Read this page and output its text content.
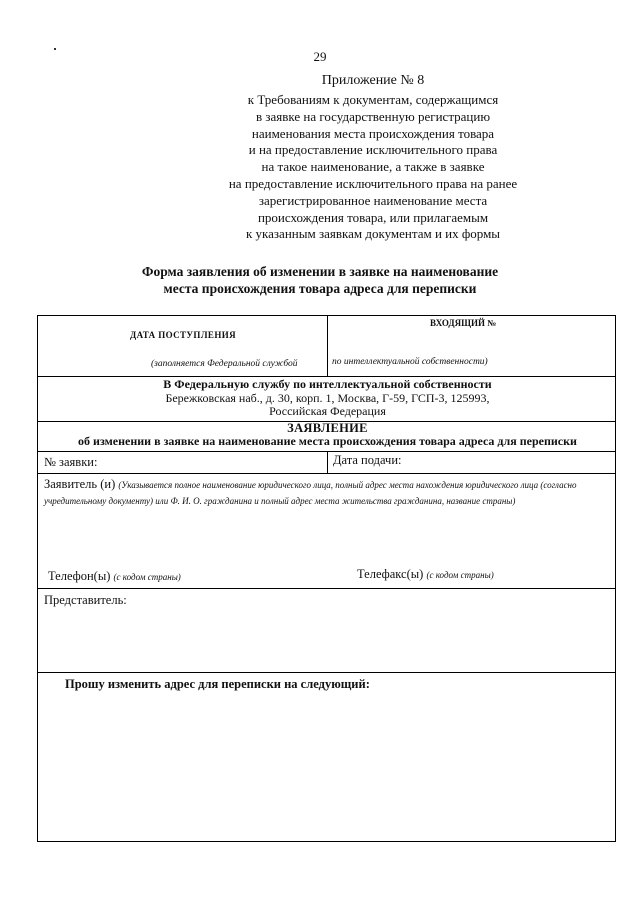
29
Приложение № 8
к Требованиям к документам, содержащимся
в заявке на государственную регистрацию
наименования места происхождения товара
и на предоставление исключительного права
на такое наименование, а также в заявке
на предоставление исключительного права на ранее
зарегистрированное наименование места
происхождения товара, или прилагаемым
к указанным заявкам документам и их формы
Форма заявления об изменении в заявке на наименование
места происхождения товара адреса для переписки
ДАТА ПОСТУПЛЕНИЯ
(заполняется Федеральной службой
ВХОДЯЩИЙ №
по интеллектуальной собственности)
В Федеральную службу по интеллектуальной собственности
Бережковская наб., д. 30, корп. 1, Москва, Г-59, ГСП-3, 125993,
Российская Федерация
ЗАЯВЛЕНИЕ
об изменении в заявке на наименование места происхождения товара адреса для переписки
№ заявки:	Дата подачи:
Заявитель (и) (Указывается полное наименование юридического лица, полный адрес места нахождения юридического лица (согласно учредительному документу) или Ф. И. О. гражданина и полный адрес места жительства гражданина, название страны)
Телефон(ы) (с кодом страны)	Телефакс(ы) (с кодом страны)
Представитель:
Прошу изменить адрес для переписки на следующий:
